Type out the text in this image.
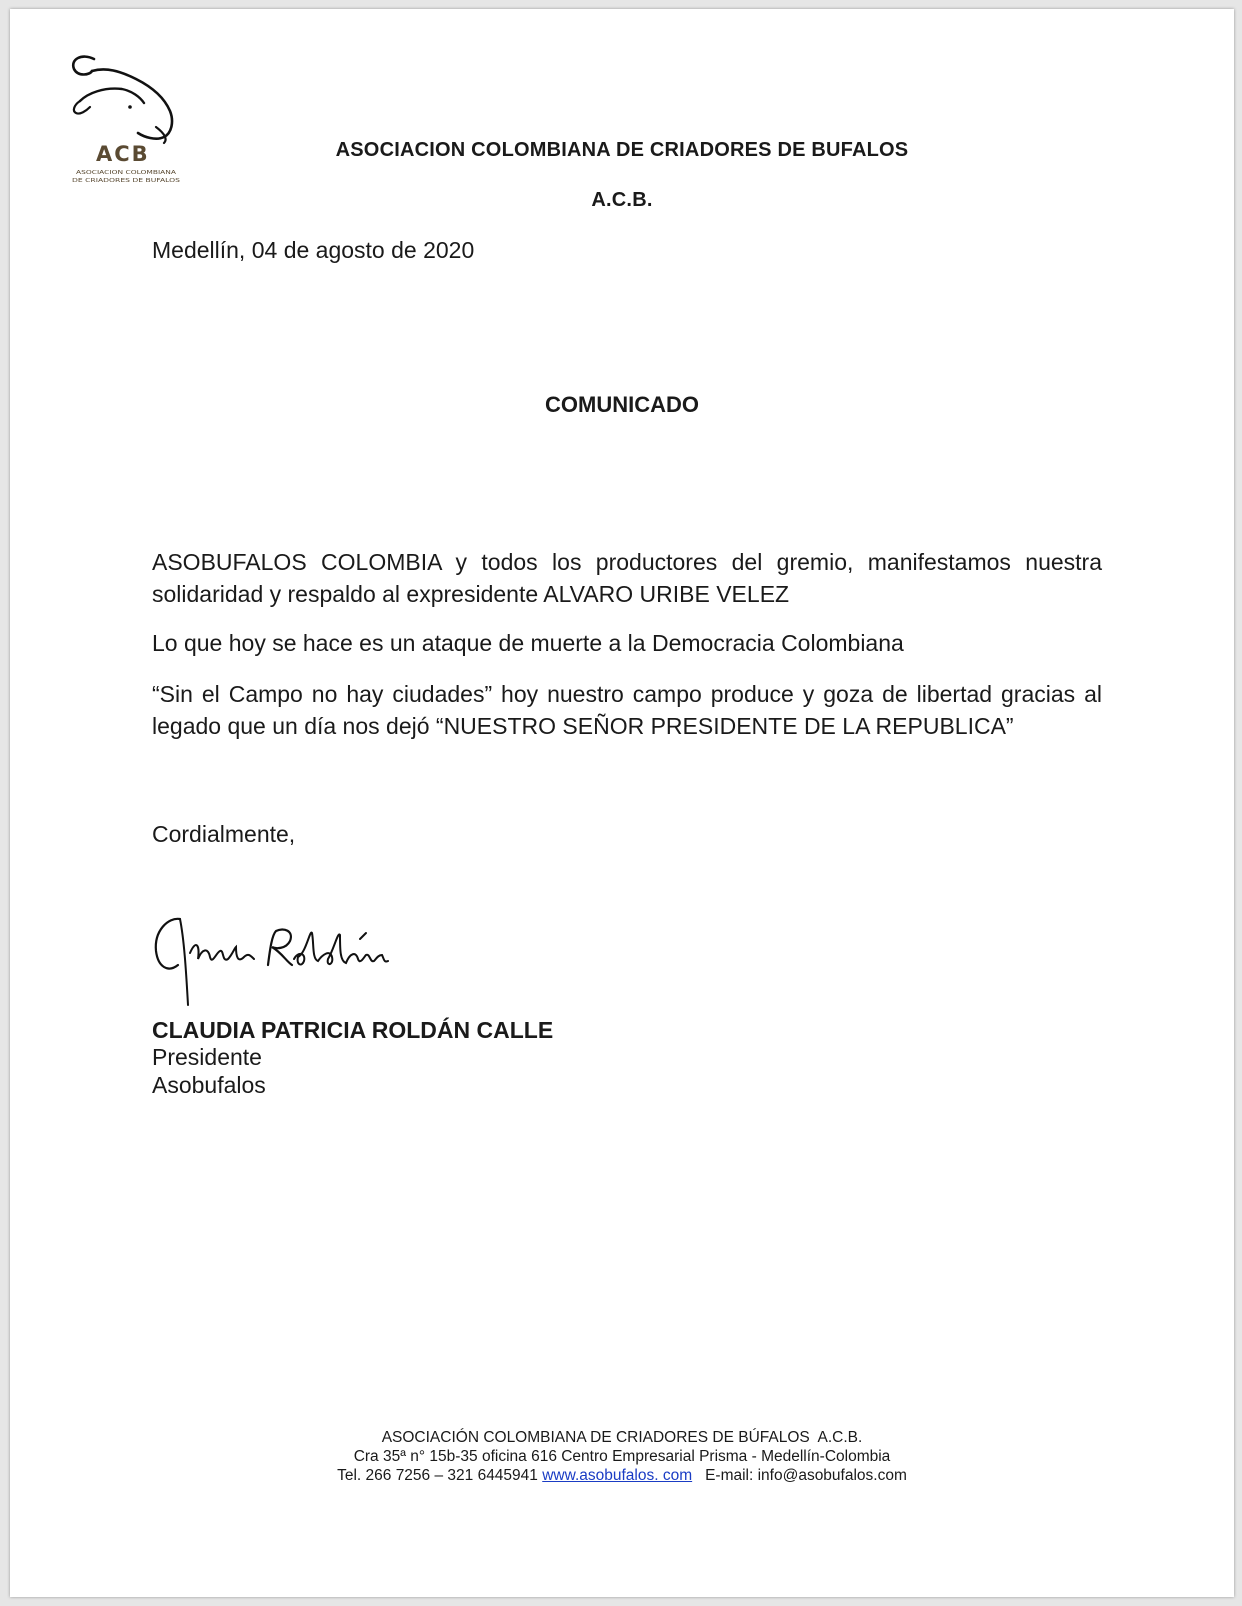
ACB
ASOCIACION COLOMBIANA
DE CRIADORES DE BUFALOS
ASOCIACION COLOMBIANA DE CRIADORES DE BUFALOS
A.C.B.
Medellín, 04 de agosto de 2020
COMUNICADO
ASOBUFALOS COLOMBIA y todos los productores del gremio, manifestamos nuestra solidaridad y respaldo al expresidente ALVARO URIBE VELEZ
Lo que hoy se hace es un ataque de muerte a la Democracia Colombiana
“Sin el Campo no hay ciudades” hoy nuestro campo produce y goza de libertad gracias al legado que un día nos dejó “NUESTRO SEÑOR PRESIDENTE DE LA REPUBLICA”
Cordialmente,
CLAUDIA PATRICIA ROLDÁN CALLE
Presidente
Asobufalos
ASOCIACIÓN COLOMBIANA DE CRIADORES DE BÚFALOS  A.C.B.
Cra 35ª n° 15b-35 oficina 616 Centro Empresarial Prisma - Medellín-Colombia
Tel. 266 7256 – 321 6445941 www.asobufalos. com E-mail: info@asobufalos.com
